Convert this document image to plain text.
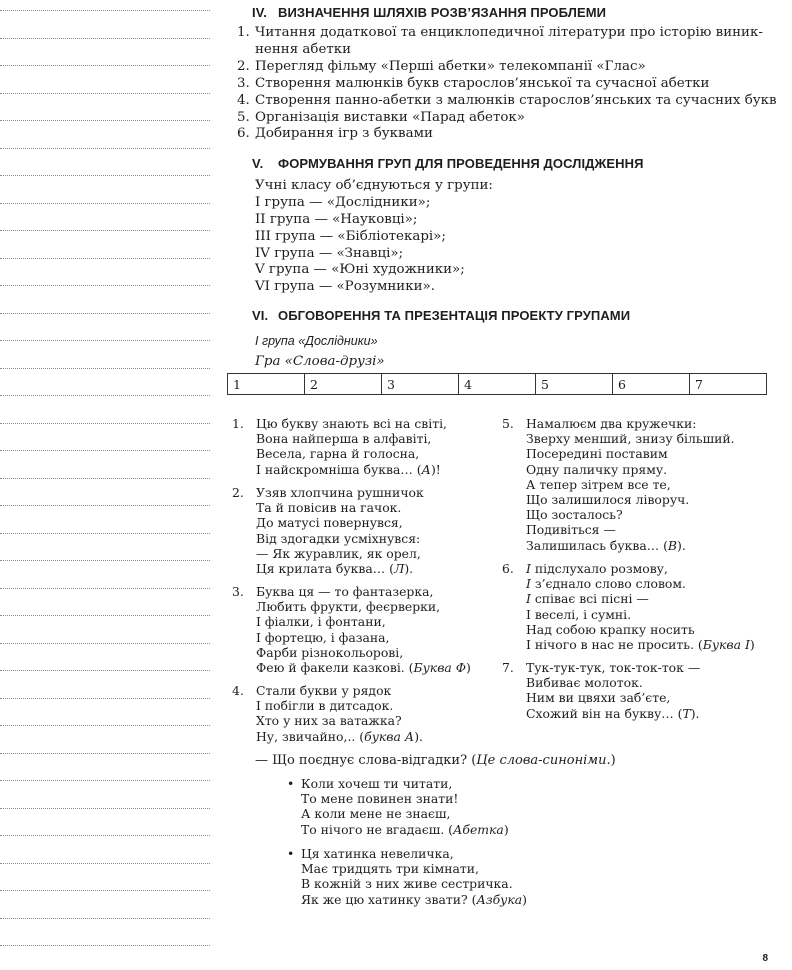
IV. ВИЗНАЧЕННЯ ШЛЯХІВ РОЗВ’ЯЗАННЯ ПРОБЛЕМИ
1. Читання додаткової та енциклопедичної літератури про історію виник-
нення абетки
2. Перегляд фільму «Перші абетки» телекомпанії «Глас»
3. Створення малюнків букв старослов’янської та сучасної абетки
4. Створення панно-абетки з малюнків старослов’янських та сучасних букв
5. Організація виставки «Парад абеток»
6. Добирання ігр з буквами
V. ФОРМУВАННЯ ГРУП ДЛЯ ПРОВЕДЕННЯ ДОСЛІДЖЕННЯ
Учні класу об’єднуються у групи:
І група — «Дослідники»;
ІІ група — «Науковці»;
ІІІ група — «Бібліотекарі»;
ІV група — «Знавці»;
V група — «Юні художники»;
VІ група — «Розумники».
VІ. ОБГОВОРЕННЯ ТА ПРЕЗЕНТАЦІЯ ПРОЕКТУ ГРУПАМИ
І група «Дослідники»
Гра «Слова-друзі»
1	2	3	4	5	6	7
1. Цю букву знають всі на світі,
Вона найперша в алфавіті,
Весела, гарна й голосна,
І найскромніша буква… (А)!
2. Узяв хлопчина рушничок
Та й повісив на гачок.
До матусі повернувся,
Від здогадки усміхнувся:
— Як журавлик, як орел,
Ця крилата буква… (Л).
3. Буква ця — то фантазерка,
Любить фрукти, феєрверки,
І фіалки, і фонтани,
І фортецю, і фазана,
Фарби різнокольорові,
Фею й факели казкові. (Буква Ф)
4. Стали букви у рядок
І побігли в дитсадок.
Хто у них за ватажка?
Ну, звичайно,.. (буква А).
5. Намалюєм два кружечки:
Зверху менший, знизу більший.
Посередині поставим
Одну паличку пряму.
А тепер зітрем все те,
Що залишилося ліворуч.
Що зосталось?
Подивіться —
Залишилась буква… (В).
6. І підслухало розмову,
І з’єднало слово словом.
І співає всі пісні —
І веселі, і сумні.
Над собою крапку носить
І нічого в нас не просить. (Буква І)
7. Тук-тук-тук, ток-ток-ток —
Вибиває молоток.
Ним ви цвяхи заб’єте,
Схожий він на букву… (Т).
— Що поєднує слова-відгадки? (Це слова-синоніми.)
• Коли хочеш ти читати,
То мене повинен знати!
А коли мене не знаєш,
То нічого не вгадаєш. (Абетка)
• Ця хатинка невеличка,
Має тридцять три кімнати,
В кожній з них живе сестричка.
Як же цю хатинку звати? (Азбука)
8
